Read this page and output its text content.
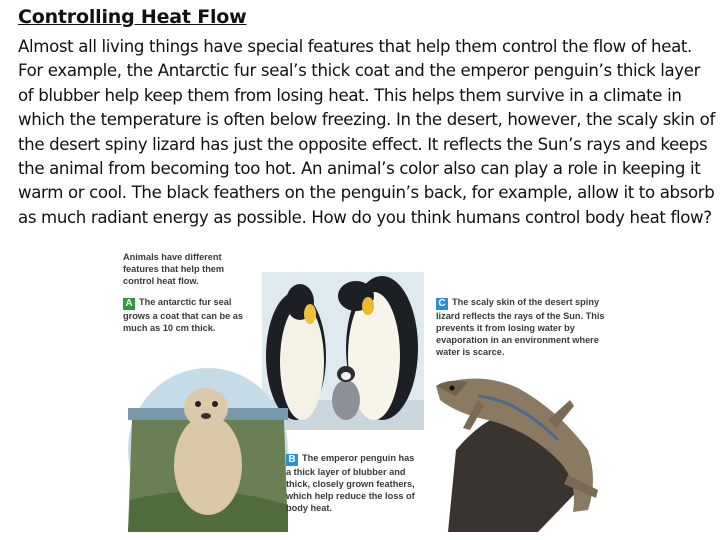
Controlling Heat Flow
Almost all living things have special features that help them control the flow of heat. For example, the Antarctic fur seal’s thick coat and the emperor penguin’s thick layer of blubber help keep them from losing heat. This helps them survive in a climate in which the temperature is often below freezing. In the desert, however, the scaly skin of the desert spiny lizard has just the opposite effect. It reflects the Sun’s rays and keeps the animal from becoming too hot. An animal’s color also can play a role in keeping it warm or cool. The black feathers on the penguin’s back, for example, allow it to absorb as much radiant energy as possible. How do you think humans control body heat flow?
Animals have different features that help them control heat flow.
A The antarctic fur seal grows a coat that can be as much as 10 cm thick.
C The scaly skin of the desert spiny lizard reflects the rays of the Sun. This prevents it from losing water by evaporation in an environment where water is scarce.
B The emperor penguin has a thick layer of blubber and thick, closely grown feathers, which help reduce the loss of body heat.
